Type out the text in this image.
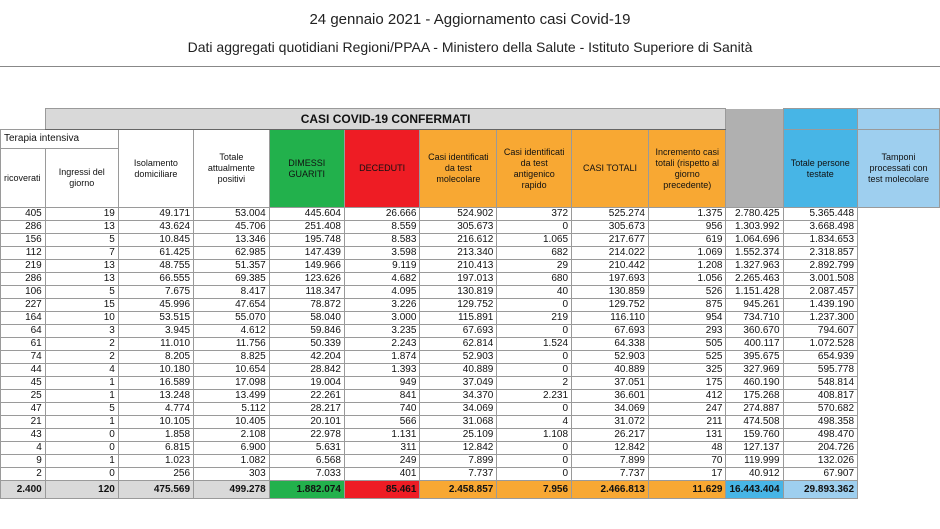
24 gennaio 2021 - Aggiornamento casi Covid-19
Dati aggregati quotidiani Regioni/PPAA - Ministero della Salute - Istituto Superiore di Sanità
	CASI COVID-19 CONFERMATI											
Terapia intensiva		Isolamento domiciliare	Totale attualmente positivi	DIMESSI GUARITI	DECEDUTI	Casi identificati da test molecolare	Casi identificati da test antigenico rapido	CASI TOTALI	Incremento casi totali (rispetto al giorno precedente)		Totale persone testate	Tamponi processati con test molecolare
ricoverati	Ingressi del giorno											
405	19	49.171	53.004	445.604	26.666	524.902	372	525.274	1.375	2.780.425	5.365.448	
286	13	43.624	45.706	251.408	8.559	305.673	0	305.673	956	1.303.992	3.668.498	
156	5	10.845	13.346	195.748	8.583	216.612	1.065	217.677	619	1.064.696	1.834.653	
112	7	61.425	62.985	147.439	3.598	213.340	682	214.022	1.069	1.552.374	2.318.857	
219	13	48.755	51.357	149.966	9.119	210.413	29	210.442	1.208	1.327.963	2.892.799	
286	13	66.555	69.385	123.626	4.682	197.013	680	197.693	1.056	2.265.463	3.001.508	
106	5	7.675	8.417	118.347	4.095	130.819	40	130.859	526	1.151.428	2.087.457	
227	15	45.996	47.654	78.872	3.226	129.752	0	129.752	875	945.261	1.439.190	
164	10	53.515	55.070	58.040	3.000	115.891	219	116.110	954	734.710	1.237.300	
64	3	3.945	4.612	59.846	3.235	67.693	0	67.693	293	360.670	794.607	
61	2	11.010	11.756	50.339	2.243	62.814	1.524	64.338	505	400.117	1.072.528	
74	2	8.205	8.825	42.204	1.874	52.903	0	52.903	525	395.675	654.939	
44	4	10.180	10.654	28.842	1.393	40.889	0	40.889	325	327.969	595.778	
45	1	16.589	17.098	19.004	949	37.049	2	37.051	175	460.190	548.814	
25	1	13.248	13.499	22.261	841	34.370	2.231	36.601	412	175.268	408.817	
47	5	4.774	5.112	28.217	740	34.069	0	34.069	247	274.887	570.682	
21	1	10.105	10.405	20.101	566	31.068	4	31.072	211	474.508	498.358	
43	0	1.858	2.108	22.978	1.131	25.109	1.108	26.217	131	159.760	498.470	
4	0	6.815	6.900	5.631	311	12.842	0	12.842	48	127.137	204.726	
9	1	1.023	1.082	6.568	249	7.899	0	7.899	70	119.999	132.026	
2	0	256	303	7.033	401	7.737	0	7.737	17	40.912	67.907	
2.400	120	475.569	499.278	1.882.074	85.461	2.458.857	7.956	2.466.813	11.629	16.443.404	29.893.362	
